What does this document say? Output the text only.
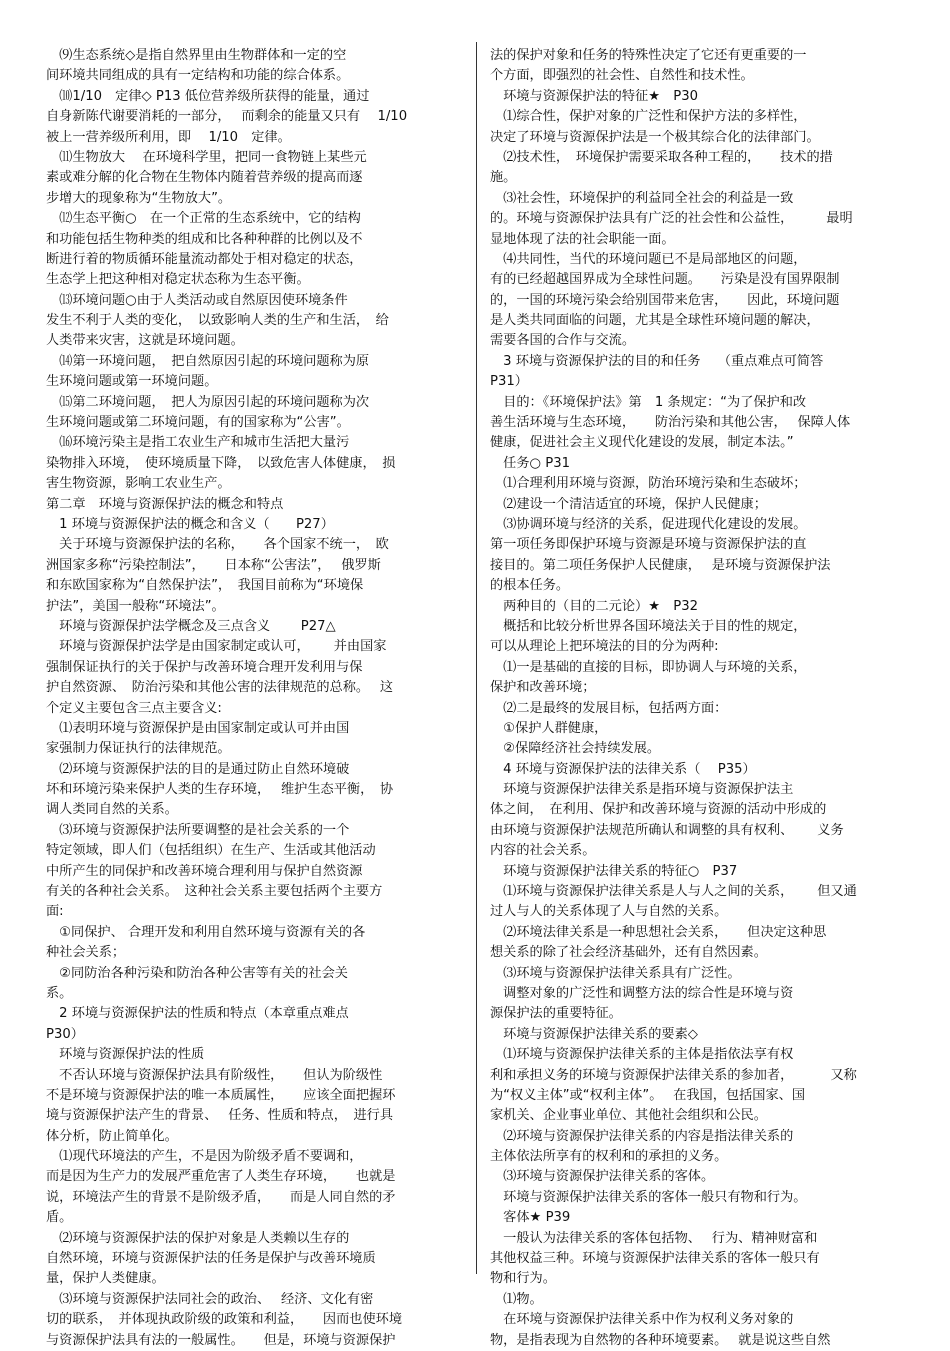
　⑼生态系统◇是指自然界里由生物群体和一定的空
间环境共同组成的具有一定结构和功能的综合体系。
　⑽1/10　定律◇ P13 低位营养级所获得的能量，通过
自身新陈代谢要消耗的一部分，　 而剩余的能量又只有　 1/10
被上一营养级所利用，即　 1/10　定律。
　⑾生物放大　 在环境科学里，把同一食物链上某些元
素或难分解的化合物在生物体内随着营养级的提高而逐
步增大的现象称为“生物放大”。
　⑿生态平衡○　在一个正常的生态系统中，它的结构
和功能包括生物种类的组成和比各种种群的比例以及不
断进行着的物质循环能量流动都处于相对稳定的状态，
生态学上把这种相对稳定状态称为生态平衡。
　⒀环境问题○由于人类活动或自然原因使环境条件
发生不利于人类的变化，　以致影响人类的生产和生活，　给
人类带来灾害，这就是环境问题。
　⒁第一环境问题，　把自然原因引起的环境问题称为原
生环境问题或第一环境问题。
　⒂第二环境问题，　把人为原因引起的环境问题称为次
生环境问题或第二环境问题，有的国家称为“公害”。
　⒃环境污染主是指工农业生产和城市生活把大量污
染物排入环境，　使环境质量下降，　以致危害人体健康，　损
害生物资源，影响工农业生产。
第二章　环境与资源保护法的概念和特点
　1 环境与资源保护法的概念和含义（　　P27）
　关于环境与资源保护法的名称，　　各个国家不统一，　欧
洲国家多称“污染控制法”，　　日本称“公害法”，　 俄罗斯
和东欧国家称为“自然保护法”，　我国目前称为“环境保
护法”，美国一般称“环境法”。
　环境与资源保护法学概念及三点含义　　 P27△
　环境与资源保护法学是由国家制定或认可，　　 并由国家
强制保证执行的关于保护与改善环境合理开发利用与保
护自然资源、　防治污染和其他公害的法律规范的总称。　 这
个定义主要包含三点主要含义:
　⑴表明环境与资源保护是由国家制定或认可并由国
家强制力保证执行的法律规范。
　⑵环境与资源保护法的目的是通过防止自然环境破
坏和环境污染来保护人类的生存环境，　 维护生态平衡，　协
调人类同自然的关系。
　⑶环境与资源保护法所要调整的是社会关系的一个
特定领域，即人们（包括组织）在生产、生活或其他活动
中所产生的同保护和改善环境合理利用与保护自然资源
有关的各种社会关系。　这种社会关系主要包括两个主要方
面:
　①同保护、 合理开发和利用自然环境与资源有关的各
种社会关系；
　②同防治各种污染和防治各种公害等有关的社会关
系。
　2 环境与资源保护法的性质和特点（本章重点难点
P30）
　环境与资源保护法的性质
　不否认环境与资源保护法具有阶级性，　　但认为阶级性
不是环境与资源保护法的唯一本质属性，　　应该全面把握环
境与资源保护法产生的背景、　 任务、性质和特点，　进行具
体分析，防止简单化。
　⑴现代环境法的产生，不是因为阶级矛盾不要调和，
而是因为生产力的发展严重危害了人类生存环境，　　也就是
说，环境法产生的背景不是阶级矛盾，　　而是人同自然的矛
盾。
　⑵环境与资源保护法的保护对象是人类赖以生存的
自然环境，环境与资源保护法的任务是保护与改善环境质
量，保护人类健康。
　⑶环境与资源保护法同社会的政治、　 经济、文化有密
切的联系，　并体现执政阶级的政策和利益，　　因而也使环境
与资源保护法具有法的一般属性。　　但是，环境与资源保护
法的保护对象和任务的特殊性决定了它还有更重要的一
个方面，即强烈的社会性、自然性和技术性。
　环境与资源保护法的特征★　P30
　⑴综合性，保护对象的广泛性和保护方法的多样性，
决定了环境与资源保护法是一个极其综合化的法律部门。
　⑵技术性，　环境保护需要采取各种工程的，　　技术的措
施。
　⑶社会性，环境保护的利益同全社会的利益是一致
的。环境与资源保护法具有广泛的社会性和公益性，　　　最明
显地体现了法的社会职能一面。
　⑷共同性，当代的环境问题已不是局部地区的问题，
有的已经超越国界成为全球性问题。　　污染是没有国界限制
的，一国的环境污染会给别国带来危害，　　因此，环境问题
是人类共同面临的问题，尤其是全球性环境问题的解决，
需要各国的合作与交流。
　3 环境与资源保护法的目的和任务　 （重点难点可简答
P31）
　目的：《环境保护法》第　1 条规定：“为了保护和改
善生活环境与生态环境，　　防治污染和其他公害，　 保障人体
健康，促进社会主义现代化建设的发展，制定本法。”
　任务○ P31
　⑴合理利用环境与资源，防治环境污染和生态破坏；
　⑵建设一个清洁适宜的环境，保护人民健康；
　⑶协调环境与经济的关系，促进现代化建设的发展。
第一项任务即保护环境与资源是环境与资源保护法的直
接目的。第二项任务保护人民健康，　 是环境与资源保护法
的根本任务。
　两种目的（目的二元论）★　P32
　概括和比较分析世界各国环境法关于目的性的规定，
可以从理论上把环境法的目的分为两种:
　⑴一是基础的直接的目标，即协调人与环境的关系，
保护和改善环境；
　⑵二是最终的发展目标，包括两方面：
　①保护人群健康，
　②保障经济社会持续发展。
　4 环境与资源保护法的法律关系（　 P35）
　环境与资源保护法律关系是指环境与资源保护法主
体之间，　在利用、保护和改善环境与资源的活动中形成的
由环境与资源保护法规范所确认和调整的具有权利、　　 义务
内容的社会关系。
　环境与资源保护法律关系的特征○　P37
　⑴环境与资源保护法律关系是人与人之间的关系，　　 但又通
过人与人的关系体现了人与自然的关系。
　⑵环境法律关系是一种思想社会关系，　　但决定这种思
想关系的除了社会经济基础外，还有自然因素。
　⑶环境与资源保护法律关系具有广泛性。
　调整对象的广泛性和调整方法的综合性是环境与资
源保护法的重要特征。
　环境与资源保护法律关系的要素◇
　⑴环境与资源保护法律关系的主体是指依法享有权
利和承担义务的环境与资源保护法律关系的参加者，　　　 又称
为“权义主体”或“权利主体”。　 在我国，包括国家、国
家机关、企业事业单位、其他社会组织和公民。
　⑵环境与资源保护法律关系的内容是指法律关系的
主体依法所享有的权利和的承担的义务。
　⑶环境与资源保护法律关系的客体。
　环境与资源保护法律关系的客体一般只有物和行为。
　客体★ P39
　一般认为法律关系的客体包括物、　 行为、精神财富和
其他权益三种。环境与资源保护法律关系的客体一般只有
物和行为。
　⑴物。
　在环境与资源保护法律关系中作为权利义务对象的
物，是指表现为自然物的各种环境要素。　 就是说这些自然
